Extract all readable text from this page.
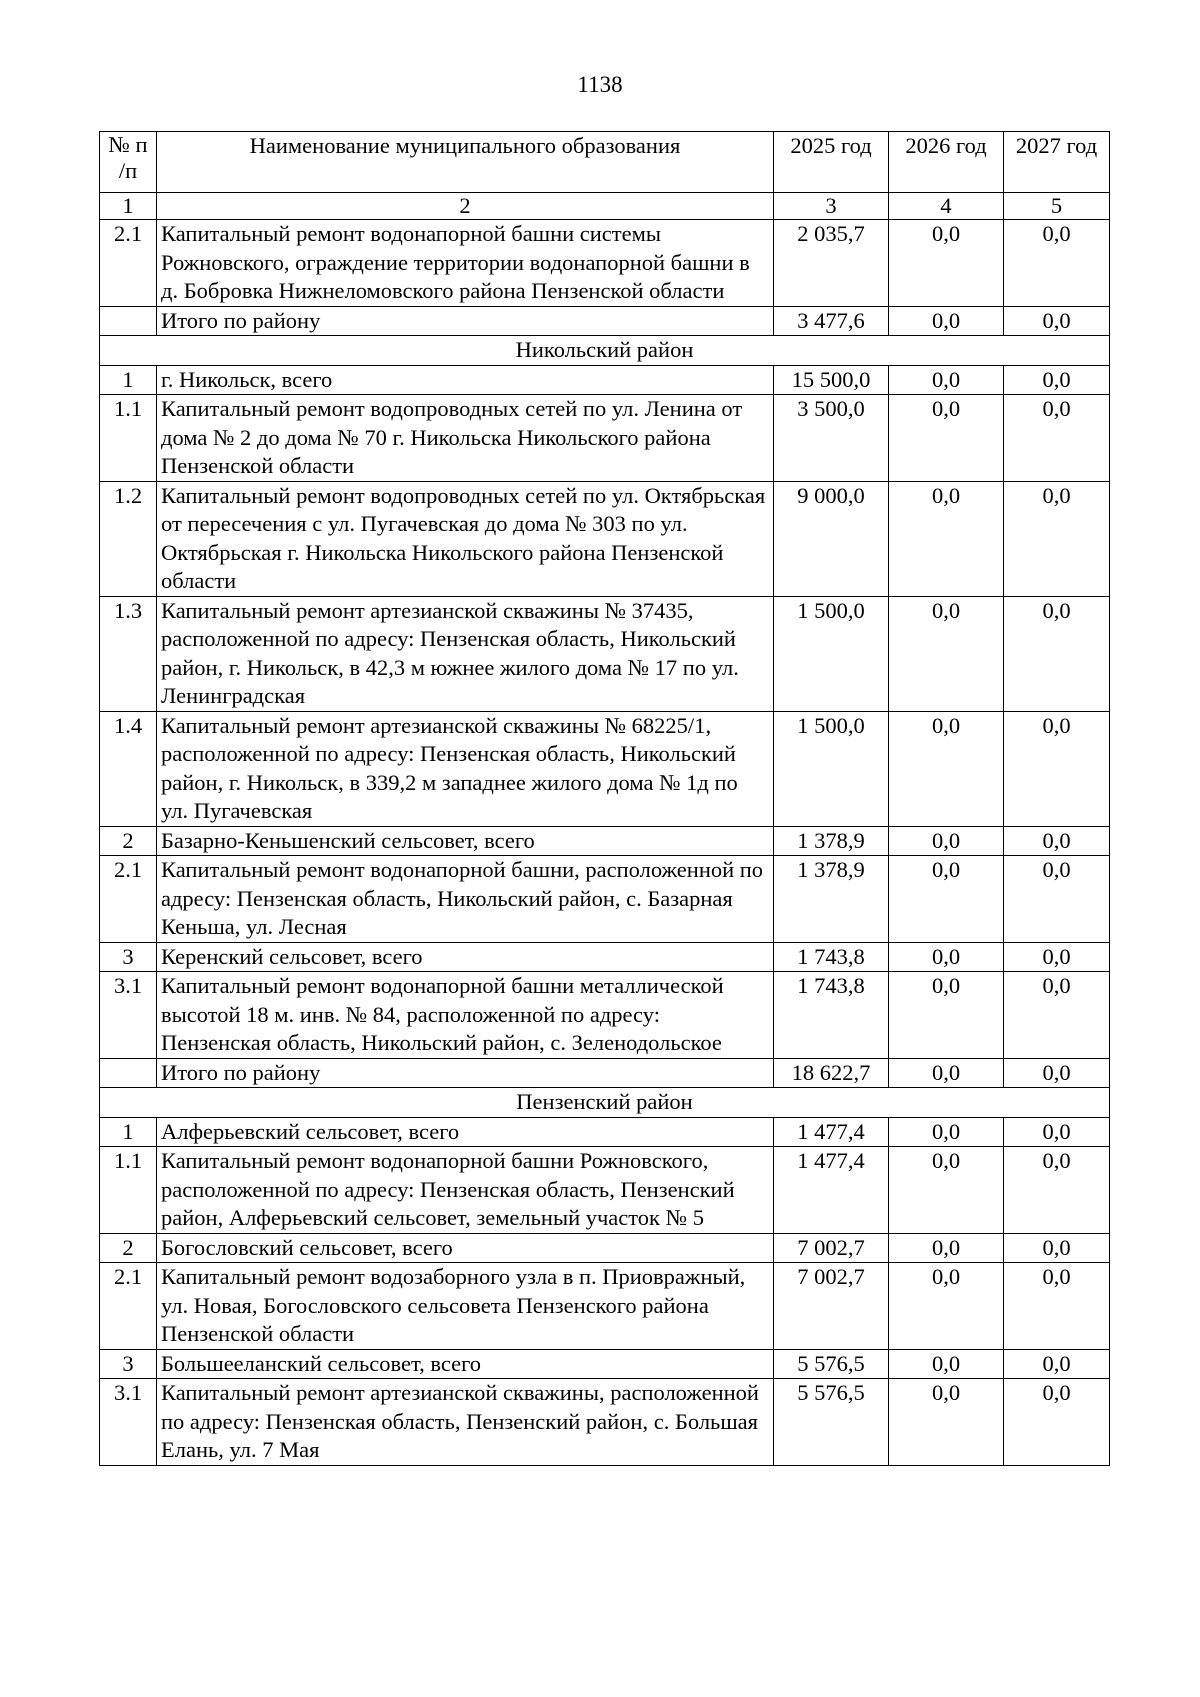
1138
№ п /п	Наименование муниципального образования	2025 год	2026 год	2027 год
1	2	3	4	5
2.1	Капитальный ремонт водонапорной башни системы Рожновского, ограждение территории водонапорной башни в д. Бобровка Нижнеломовского района Пензенской области	2 035,7	0,0	0,0
	Итого по району	3 477,6	0,0	0,0
Никольский район				
1	г. Никольск, всего	15 500,0	0,0	0,0
1.1	Капитальный ремонт водопроводных сетей по ул. Ленина от дома № 2 до дома № 70 г. Никольска Никольского района Пензенской области	3 500,0	0,0	0,0
1.2	Капитальный ремонт водопроводных сетей по ул. Октябрьская от пересечения с ул. Пугачевская до дома № 303 по ул. Октябрьская г. Никольска Никольского района Пензенской области	9 000,0	0,0	0,0
1.3	Капитальный ремонт артезианской скважины № 37435, расположенной по адресу: Пензенская область, Никольский район, г. Никольск, в 42,3 м южнее жилого дома № 17 по ул. Ленинградская	1 500,0	0,0	0,0
1.4	Капитальный ремонт артезианской скважины № 68225/1, расположенной по адресу: Пензенская область, Никольский район, г. Никольск, в 339,2 м западнее жилого дома № 1д по ул. Пугачевская	1 500,0	0,0	0,0
2	Базарно-Кеньшенский сельсовет, всего	1 378,9	0,0	0,0
2.1	Капитальный ремонт водонапорной башни, расположенной по адресу: Пензенская область, Никольский район, с. Базарная Кеньша, ул. Лесная	1 378,9	0,0	0,0
3	Керенский сельсовет, всего	1 743,8	0,0	0,0
3.1	Капитальный ремонт водонапорной башни металлической высотой 18 м. инв. № 84, расположенной по адресу: Пензенская область, Никольский район, с. Зеленодольское	1 743,8	0,0	0,0
	Итого по району	18 622,7	0,0	0,0
Пензенский район				
1	Алферьевский сельсовет, всего	1 477,4	0,0	0,0
1.1	Капитальный ремонт водонапорной башни Рожновского, расположенной по адресу: Пензенская область, Пензенский район, Алферьевский сельсовет, земельный участок № 5	1 477,4	0,0	0,0
2	Богословский сельсовет, всего	7 002,7	0,0	0,0
2.1	Капитальный ремонт водозаборного узла в п. Приовражный, ул. Новая, Богословского сельсовета Пензенского района Пензенской области	7 002,7	0,0	0,0
3	Большееланский сельсовет, всего	5 576,5	0,0	0,0
3.1	Капитальный ремонт артезианской скважины, расположенной по адресу: Пензенская область, Пензенский район, с. Большая Елань, ул. 7 Мая	5 576,5	0,0	0,0
